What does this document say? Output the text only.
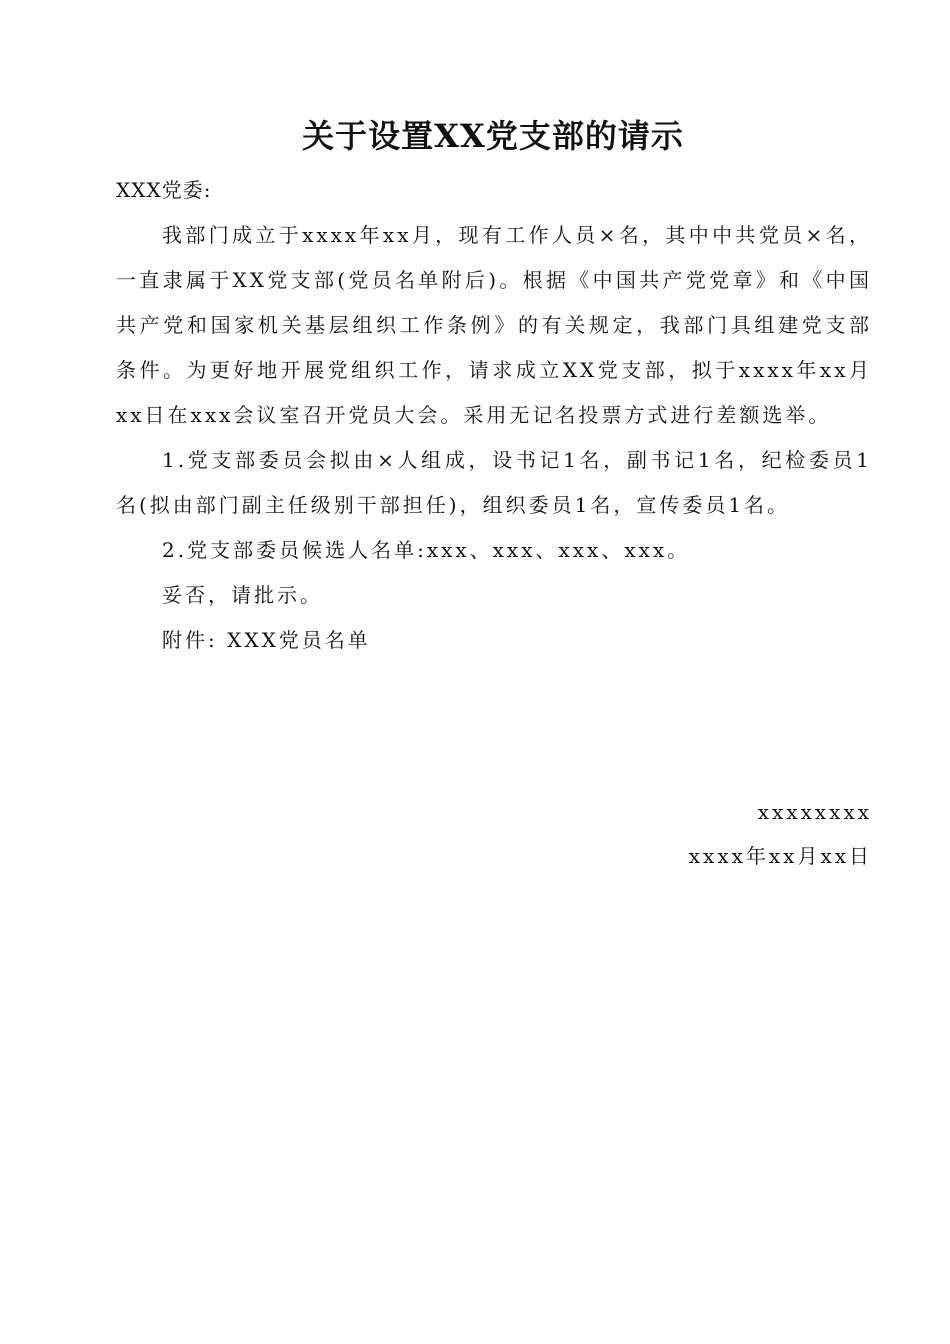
关于设置XX党支部的请示

XXX党委:

我部门成立于xxxx年xx月，现有工作人员×名，其中中共党员×名，一直隶属于XX党支部(党员名单附后)。根据《中国共产党党章》和《中国共产党和国家机关基层组织工作条例》的有关规定，我部门具组建党支部条件。为更好地开展党组织工作，请求成立XX党支部，拟于xxxx年xx月xx日在xxx会议室召开党员大会。采用无记名投票方式进行差额选举。

1.党支部委员会拟由×人组成，设书记1名，副书记1名，纪检委员1名(拟由部门副主任级别干部担任)，组织委员1名，宣传委员1名。

2.党支部委员候选人名单:xxx、xxx、xxx、xxx。

妥否，请批示。

附件: XXX党员名单

xxxxxxxx
xxxx年xx月xx日
